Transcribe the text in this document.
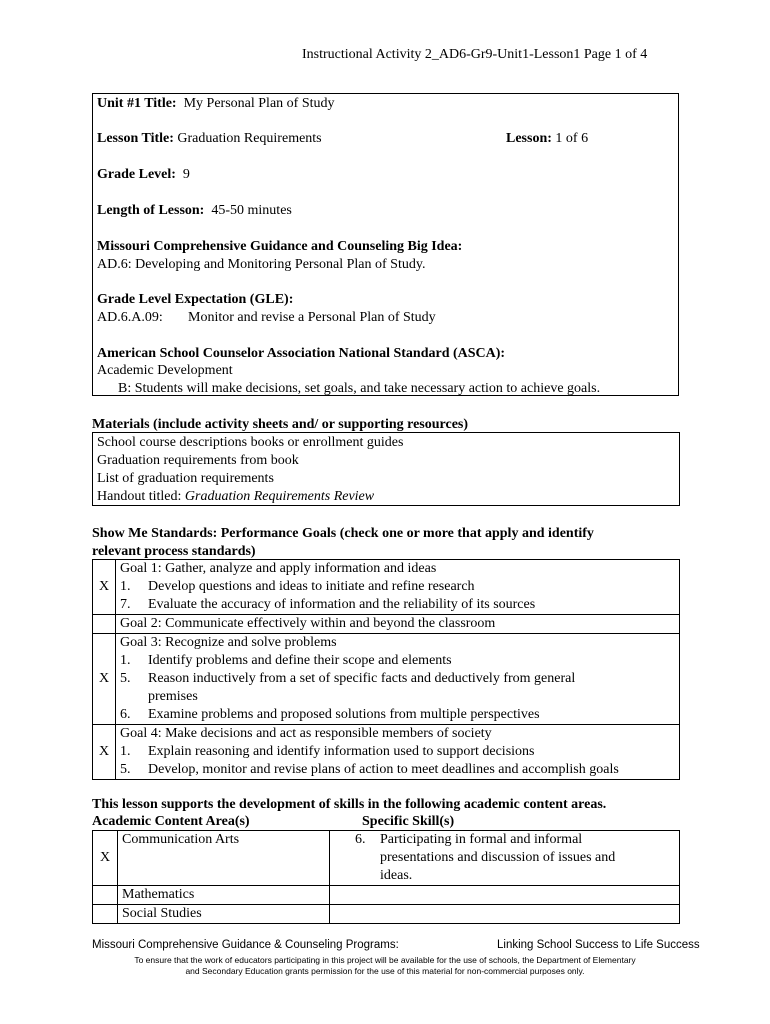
Instructional Activity 2_AD6-Gr9-Unit1-Lesson1 Page 1 of 4
Unit #1 Title: My Personal Plan of Study
Lesson Title: Graduation Requirements	Lesson: 1 of 6
Grade Level: 9
Length of Lesson: 45-50 minutes
Missouri Comprehensive Guidance and Counseling Big Idea:
AD.6: Developing and Monitoring Personal Plan of Study.
Grade Level Expectation (GLE):
AD.6.A.09: Monitor and revise a Personal Plan of Study
American School Counselor Association National Standard (ASCA):
Academic Development
B: Students will make decisions, set goals, and take necessary action to achieve goals.
Materials (include activity sheets and/ or supporting resources)
School course descriptions books or enrollment guides
Graduation requirements from book
List of graduation requirements
Handout titled: Graduation Requirements Review
Show Me Standards: Performance Goals (check one or more that apply and identify
relevant process standards)
X	Goal 1: Gather, analyze and apply information and ideas
1. Develop questions and ideas to initiate and refine research
7. Evaluate the accuracy of information and the reliability of its sources

	Goal 2: Communicate effectively within and beyond the classroom

X	Goal 3: Recognize and solve problems
1. Identify problems and define their scope and elements
5. Reason inductively from a set of specific facts and deductively from general
premises
6. Examine problems and proposed solutions from multiple perspectives

X	Goal 4: Make decisions and act as responsible members of society
1. Explain reasoning and identify information used to support decisions
5. Develop, monitor and revise plans of action to meet deadlines and accomplish goals
This lesson supports the development of skills in the following academic content areas.
Academic Content Area(s)	Specific Skill(s)
X	Communication Arts	6. Participating in formal and informal
presentations and discussion of issues and
ideas.

	Mathematics	
	Social Studies	
Missouri Comprehensive Guidance & Counseling Programs:	Linking School Success to Life Success
To ensure that the work of educators participating in this project will be available for the use of schools, the Department of Elementary
and Secondary Education grants permission for the use of this material for non-commercial purposes only.
